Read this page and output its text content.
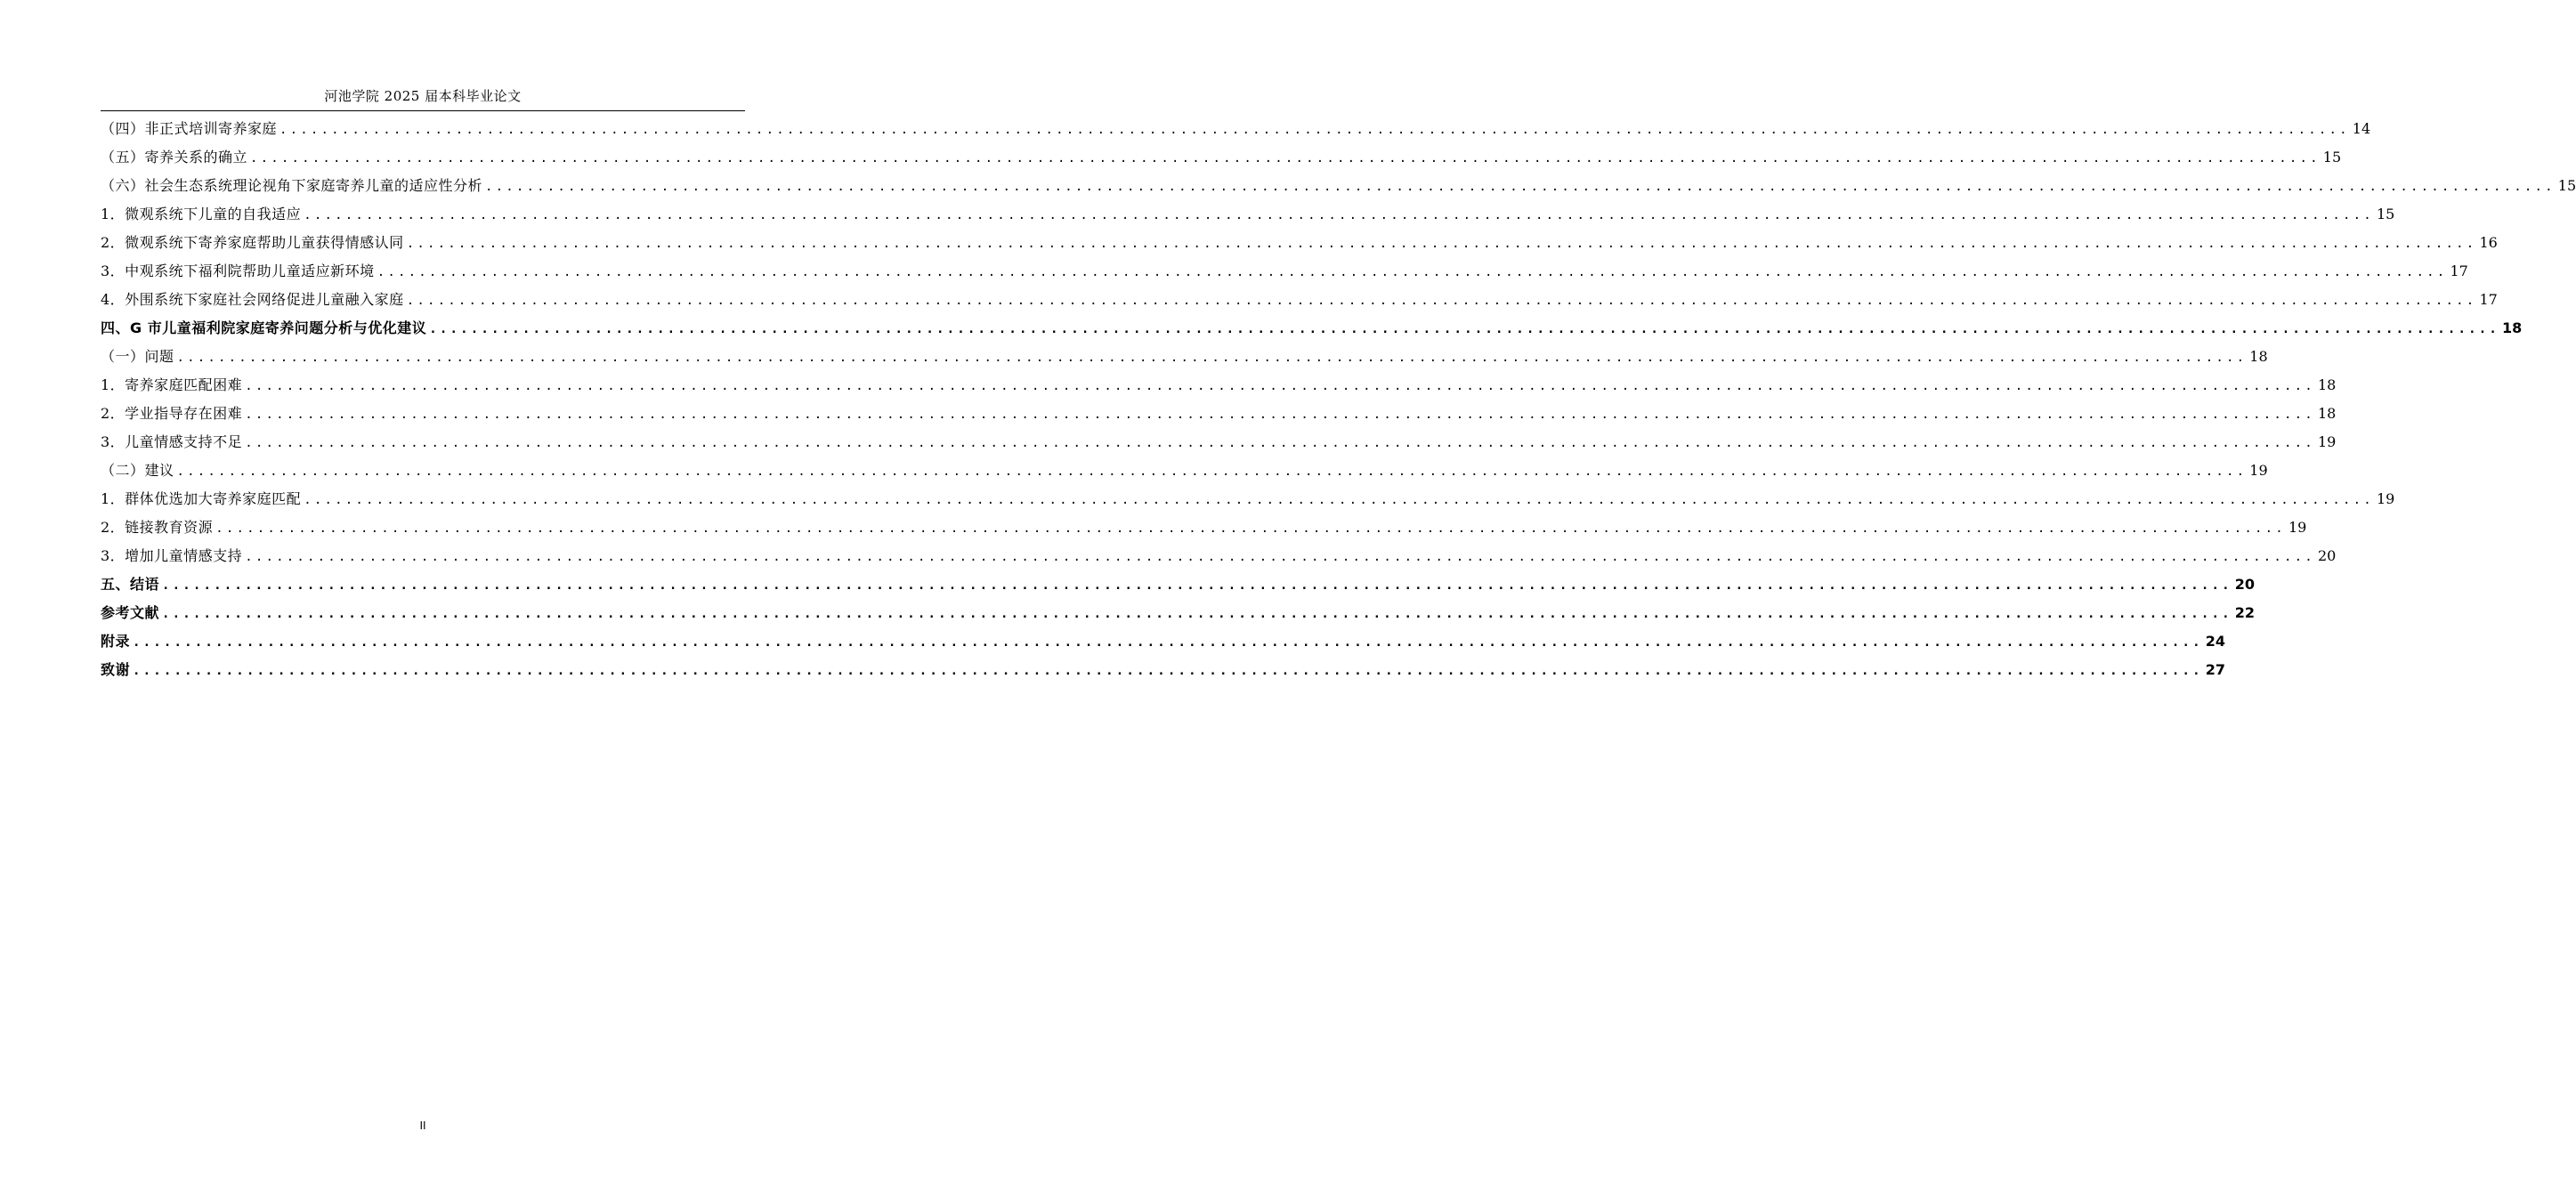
河池学院 2025 届本科毕业论文
（四）非正式培训寄养家庭 ........................................................................................................................................................................................................ 14
（五）寄养关系的确立 ........................................................................................................................................................................................................ 15
（六）社会生态系统理论视角下家庭寄养儿童的适应性分析 ........................................................................................................................................................................................................ 15
1．微观系统下儿童的自我适应 ........................................................................................................................................................................................................ 15
2．微观系统下寄养家庭帮助儿童获得情感认同 ........................................................................................................................................................................................................ 16
3．中观系统下福利院帮助儿童适应新环境 ........................................................................................................................................................................................................ 17
4．外围系统下家庭社会网络促进儿童融入家庭 ........................................................................................................................................................................................................ 17
四、G 市儿童福利院家庭寄养问题分析与优化建议 ........................................................................................................................................................................................................ 18
（一）问题 ........................................................................................................................................................................................................ 18
1．寄养家庭匹配困难 ........................................................................................................................................................................................................ 18
2．学业指导存在困难 ........................................................................................................................................................................................................ 18
3．儿童情感支持不足 ........................................................................................................................................................................................................ 19
（二）建议 ........................................................................................................................................................................................................ 19
1．群体优选加大寄养家庭匹配 ........................................................................................................................................................................................................ 19
2．链接教育资源 ........................................................................................................................................................................................................ 19
3．增加儿童情感支持 ........................................................................................................................................................................................................ 20
五、结语 ........................................................................................................................................................................................................ 20
参考文献 ........................................................................................................................................................................................................ 22
附录 ........................................................................................................................................................................................................ 24
致谢 ........................................................................................................................................................................................................ 27
II
